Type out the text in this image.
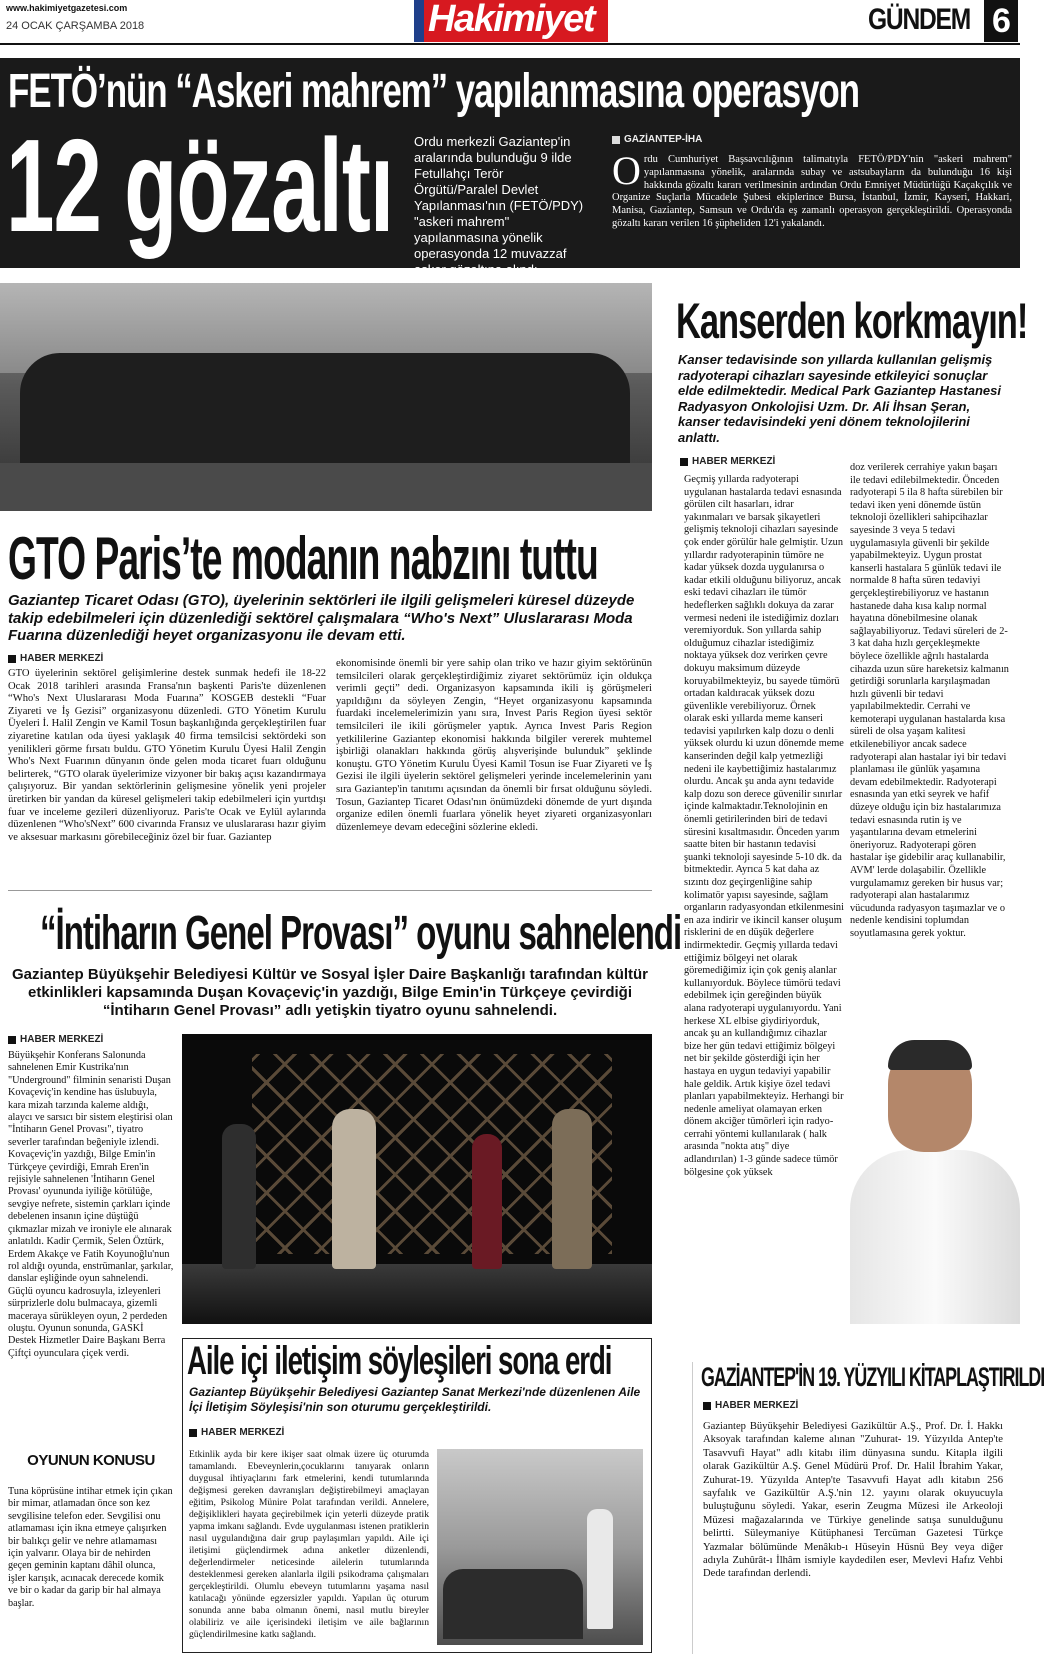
www.hakimiyetgazetesi.com
24 OCAK ÇARŞAMBA 2018	Hakimiyet	GÜNDEM 6
FETÖ’nün “Askeri mahrem” yapılanmasına operasyon
12 gözaltı Ordu merkezli Gaziantep'in aralarında bulunduğu 9 ilde Fetullahçı Terör Örgütü/Paralel Devlet Yapılanması'nın (FETÖ/PDY) "askeri mahrem" yapılanmasına yönelik operasyonda 12 muvazzaf asker gözaltına alındı.
GAZİANTEP-İHA
O rdu Cumhuriyet Başsavcılığının talimatıyla FETÖ/PDY'nin "askeri mahrem" yapılanmasına yönelik, aralarında subay ve astsubayların da bulunduğu 16 kişi hakkında gözaltı kararı verilmesinin ardından Ordu Emniyet Müdürlüğü Kaçakçılık ve Organize Suçlarla Mücadele Şubesi ekiplerince Bursa, İstanbul, İzmir, Kayseri, Hakkari, Manisa, Gaziantep, Samsun ve Ordu'da eş zamanlı operasyon gerçekleştirildi. Operasyonda gözaltı kararı verilen 16 şüpheliden 12'i yakalandı.
GTO Paris’te modanın nabzını tuttu
Gaziantep Ticaret Odası (GTO), üyelerinin sektörleri ile ilgili gelişmeleri küresel düzeyde takip edebilmeleri için düzenlediği sektörel çalışmalara “Who's Next” Uluslararası Moda Fuarına düzenlediği heyet organizasyonu ile devam etti.
HABER MERKEZİ
GTO üyelerinin sektörel gelişimlerine destek sunmak hedefi ile 18-22 Ocak 2018 tarihleri arasında Fransa'nın başkenti Paris'te düzenlenen “Who's Next Uluslararası Moda Fuarına” KOSGEB destekli “Fuar Ziyareti ve İş Gezisi” organizasyonu düzenledi. GTO Yönetim Kurulu Üyeleri İ. Halil Zengin ve Kamil Tosun başkanlığında gerçekleştirilen fuar ziyaretine katılan oda üyesi yaklaşık 40 firma temsilcisi sektördeki son yenilikleri görme fırsatı buldu. GTO Yönetim Kurulu Üyesi Halil Zengin Who's Next Fuarının dünyanın önde gelen moda ticaret fuarı olduğunu belirterek, “GTO olarak üyelerimize vizyoner bir bakış açısı kazandırmaya çalışıyoruz. Bir yandan sektörlerinin gelişmesine yönelik yeni projeler üretirken bir yandan da küresel gelişmeleri takip edebilmeleri için yurtdışı fuar ve inceleme gezileri düzenliyoruz. Paris'te Ocak ve Eylül aylarında düzenlenen “Who'sNext” 600 civarında Fransız ve uluslararası hazır giyim ve aksesuar markasını görebileceğiniz özel bir fuar. Gaziantep
ekonomisinde önemli bir yere sahip olan triko ve hazır giyim sektörünün temsilcileri olarak gerçekleştirdiğimiz ziyaret sektörümüz için oldukça verimli geçti” dedi. Organizasyon kapsamında ikili iş görüşmeleri yapıldığını da söyleyen Zengin, “Heyet organizasyonu kapsamında fuardaki incelemelerimizin yanı sıra, Invest Paris Region üyesi sektör temsilcileri ile ikili görüşmeler yaptık. Ayrıca Invest Paris Region yetkililerine Gaziantep ekonomisi hakkında bilgiler vererek muhtemel işbirliği olanakları hakkında görüş alışverişinde bulunduk” şeklinde konuştu. GTO Yönetim Kurulu Üyesi Kamil Tosun ise Fuar Ziyareti ve İş Gezisi ile ilgili üyelerin sektörel gelişmeleri yerinde incelemelerinin yanı sıra Gaziantep'in tanıtımı açısından da önemli bir fırsat olduğunu söyledi. Tosun, Gaziantep Ticaret Odası'nın önümüzdeki dönemde de yurt dışında organize edilen önemli fuarlara yönelik heyet ziyareti organizasyonları düzenlemeye devam edeceğini sözlerine ekledi.
“İntiharın Genel Provası” oyunu sahnelendi
Gaziantep Büyükşehir Belediyesi Kültür ve Sosyal İşler Daire Başkanlığı tarafından kültür etkinlikleri kapsamında Duşan Kovaçeviç'in yazdığı, Bilge Emin'in Türkçeye çevirdiği “İntiharın Genel Provası” adlı yetişkin tiyatro oyunu sahnelendi.
HABER MERKEZİ
Büyükşehir Konferans Salonunda sahnelenen Emir Kustrika'nın "Underground" filminin senaristi Duşan Kovaçeviç'in kendine has üslubuyla, kara mizah tarzında kaleme aldığı, alaycı ve sarsıcı bir sistem eleştirisi olan "İntiharın Genel Provası", tiyatro severler tarafından beğeniyle izlendi. Kovaçeviç'in yazdığı, Bilge Emin'in Türkçeye çevirdiği, Emrah Eren'in rejisiyle sahnelenen 'İntiharın Genel Provası' oyununda iyiliğe kötülüğe, sevgiye nefrete, sistemin çarkları içinde debelenen insanın içine düştüğü çıkmazlar mizah ve ironiyle ele alınarak anlatıldı. Kadir Çermik, Selen Öztürk, Erdem Akakçe ve Fatih Koyunoğlu'nun rol aldığı oyunda, enstrümanlar, şarkılar, danslar eşliğinde oyun sahnelendi. Güçlü oyuncu kadrosuyla, izleyenleri sürprizlerle dolu bulmacaya, gizemli maceraya sürükleyen oyun, 2 perdeden oluştu. Oyunun sonunda, GASKİ Destek Hizmetler Daire Başkanı Berra Çiftçi oyunculara çiçek verdi.
OYUNUN KONUSU
Tuna köprüsüne intihar etmek için çıkan bir mimar, atlamadan önce son kez sevgilisine telefon eder. Sevgilisi onu atlamaması için ikna etmeye çalışırken bir balıkçı gelir ve nehre atlamaması için yalvarır. Olaya bir de nehirden geçen geminin kaptanı dâhil olunca, işler karışık, acınacak derecede komik ve bir o kadar da garip bir hal almaya başlar.
Aile içi iletişim söyleşileri sona erdi
Gaziantep Büyükşehir Belediyesi Gaziantep Sanat Merkezi'nde düzenlenen Aile İçi İletişim Söyleşisi'nin son oturumu gerçekleştirildi.
HABER MERKEZİ
Etkinlik ayda bir kere ikişer saat olmak üzere üç oturumda tamamlandı. Ebeveynlerin,çocuklarını tanıyarak onların duygusal ihtiyaçlarını fark etmelerini, kendi tutumlarında değişmesi gereken davranışları değiştirebilmeyi amaçlayan eğitim, Psikolog Münire Polat tarafından verildi. Annelere, değişiklikleri hayata geçirebilmek için yeterli düzeyde pratik yapma imkanı sağlandı. Evde uygulanması istenen pratiklerin nasıl uygulandığına dair grup paylaşımları yapıldı. Aile içi iletişimi güçlendirmek adına anketler düzenlendi, değerlendirmeler neticesinde ailelerin tutumlarında desteklenmesi gereken alanlarla ilgili psikodrama çalışmaları gerçekleştirildi. Olumlu ebeveyn tutumlarını yaşama nasıl katılacağı yönünde egzersizler yapıldı. Yapılan üç oturum sonunda anne baba olmanın önemi, nasıl mutlu bireyler olabiliriz ve aile içerisindeki iletişim ve aile bağlarının güçlendirilmesine katkı sağlandı.
Kanserden korkmayın!
Kanser tedavisinde son yıllarda kullanılan gelişmiş radyoterapi cihazları sayesinde etkileyici sonuçlar elde edilmektedir. Medical Park Gaziantep Hastanesi Radyasyon Onkolojisi Uzm. Dr. Ali İhsan Şeran, kanser tedavisindeki yeni dönem teknolojilerini anlattı.
HABER MERKEZİ
Geçmiş yıllarda radyoterapi uygulanan hastalarda tedavi esnasında görülen cilt hasarları, idrar yakınmaları ve barsak şikayetleri gelişmiş teknoloji cihazları sayesinde çok ender görülür hale gelmiştir. Uzun yıllardır radyoterapinin tümöre ne kadar yüksek dozda uygulanırsa o kadar etkili olduğunu biliyoruz, ancak eski tedavi cihazları ile tümör hedeflerken sağlıklı dokuya da zarar vermesi nedeni ile istediğimiz dozları veremiyorduk. Son yıllarda sahip olduğumuz cihazlar istediğimiz noktaya yüksek doz verirken çevre dokuyu maksimum düzeyde koruyabilmekteyiz, bu sayede tümörü ortadan kaldıracak yüksek dozu güvenlikle verebiliyoruz. Örnek olarak eski yıllarda meme kanseri tedavisi yapılırken kalp dozu o denli yüksek olurdu ki uzun dönemde meme kanserinden değil kalp yetmezliği nedeni ile kaybettiğimiz hastalarımız olurdu. Ancak şu anda aynı tedavide kalp dozu son derece güvenilir sınırlar içinde kalmaktadır.Teknolojinin en önemli getirilerinden biri de tedavi süresini kısaltmasıdır. Önceden yarım saatte biten bir hastanın tedavisi şuanki teknoloji sayesinde 5-10 dk. da bitmektedir. Ayrıca 5 kat daha az sızıntı doz geçirgenliğine sahip kolimatör yapısı sayesinde, sağlam organların radyasyondan etkilenmesini en aza indirir ve ikincil kanser oluşum risklerini de en düşük değerlere indirmektedir. Geçmiş yıllarda tedavi ettiğimiz bölgeyi net olarak göremediğimiz için çok geniş alanlar kullanıyorduk. Böylece tümörü tedavi edebilmek için gereğinden büyük alana radyoterapi uygulanıyordu. Yani herkese XL elbise giydiriyorduk, ancak şu an kullandığımız cihazlar bize her gün tedavi ettiğimiz bölgeyi net bir şekilde gösterdiği için her hastaya en uygun tedaviyi yapabilir hale geldik. Artık kişiye özel tedavi planları yapabilmekteyiz. Herhangi bir nedenle ameliyat olamayan erken dönem akciğer tümörleri için radyo-cerrahi yöntemi kullanılarak ( halk arasında "nokta atış" diye adlandırılan) 1-3 günde sadece tümör bölgesine çok yüksek
doz verilerek cerrahiye yakın başarı ile tedavi edilebilmektedir. Önceden radyoterapi 5 ila 8 hafta sürebilen bir tedavi iken yeni dönemde üstün teknoloji özellikleri sahipcihazlar sayesinde 3 veya 5 tedavi uygulamasıyla güvenli bir şekilde yapabilmekteyiz. Uygun prostat kanserli hastalara 5 günlük tedavi ile normalde 8 hafta süren tedaviyi gerçekleştirebiliyoruz ve hastanın hastanede daha kısa kalıp normal hayatına dönebilmesine olanak sağlayabiliyoruz. Tedavi süreleri de 2-3 kat daha hızlı gerçekleşmekte böylece özellikle ağrılı hastalarda cihazda uzun süre hareketsiz kalmanın getirdiği sorunlarla karşılaşmadan hızlı güvenli bir tedavi yapılabilmektedir. Cerrahi ve kemoterapi uygulanan hastalarda kısa süreli de olsa yaşam kalitesi etkilenebiliyor ancak sadece radyoterapi alan hastalar iyi bir tedavi planlaması ile günlük yaşamına devam edebilmektedir. Radyoterapi esnasında yan etki seyrek ve hafif düzeye olduğu için biz hastalarımıza tedavi esnasında rutin iş ve yaşantılarına devam etmelerini öneriyoruz. Radyoterapi gören hastalar işe gidebilir araç kullanabilir, AVM' lerde dolaşabilir. Özellikle vurgulamamız gereken bir husus var; radyoterapi alan hastalarımız vücudunda radyasyon taşımazlar ve o nedenle kendisini toplumdan soyutlamasına gerek yoktur.
GAZİANTEP'İN 19. YÜZYILI KİTAPLAŞTIRILDI
HABER MERKEZİ
Gaziantep Büyükşehir Belediyesi Gazikültür A.Ş., Prof. Dr. İ. Hakkı Aksoyak tarafından kaleme alınan "Zuhurat- 19. Yüzyılda Antep'te Tasavvufi Hayat" adlı kitabı ilim dünyasına sundu. Kitapla ilgili olarak Gazikültür A.Ş. Genel Müdürü Prof. Dr. Halil İbrahim Yakar, Zuhurat-19. Yüzyılda Antep'te Tasavvufi Hayat adlı kitabın 256 sayfalık ve Gazikültür A.Ş.'nin 12. yayını olarak okuyucuyla buluştuğunu söyledi. Yakar, eserin Zeugma Müzesi ile Arkeoloji Müzesi mağazalarında ve Türkiye genelinde satışa sunulduğunu belirtti. Süleymaniye Kütüphanesi Tercüman Gazetesi Türkçe Yazmalar bölümünde Menâkıb-ı Hüseyin Hüsnü Bey veya diğer adıyla Zuhûrât-ı İlhâm ismiyle kaydedilen eser, Mevlevi Hafız Vehbi Dede tarafından derlendi.
